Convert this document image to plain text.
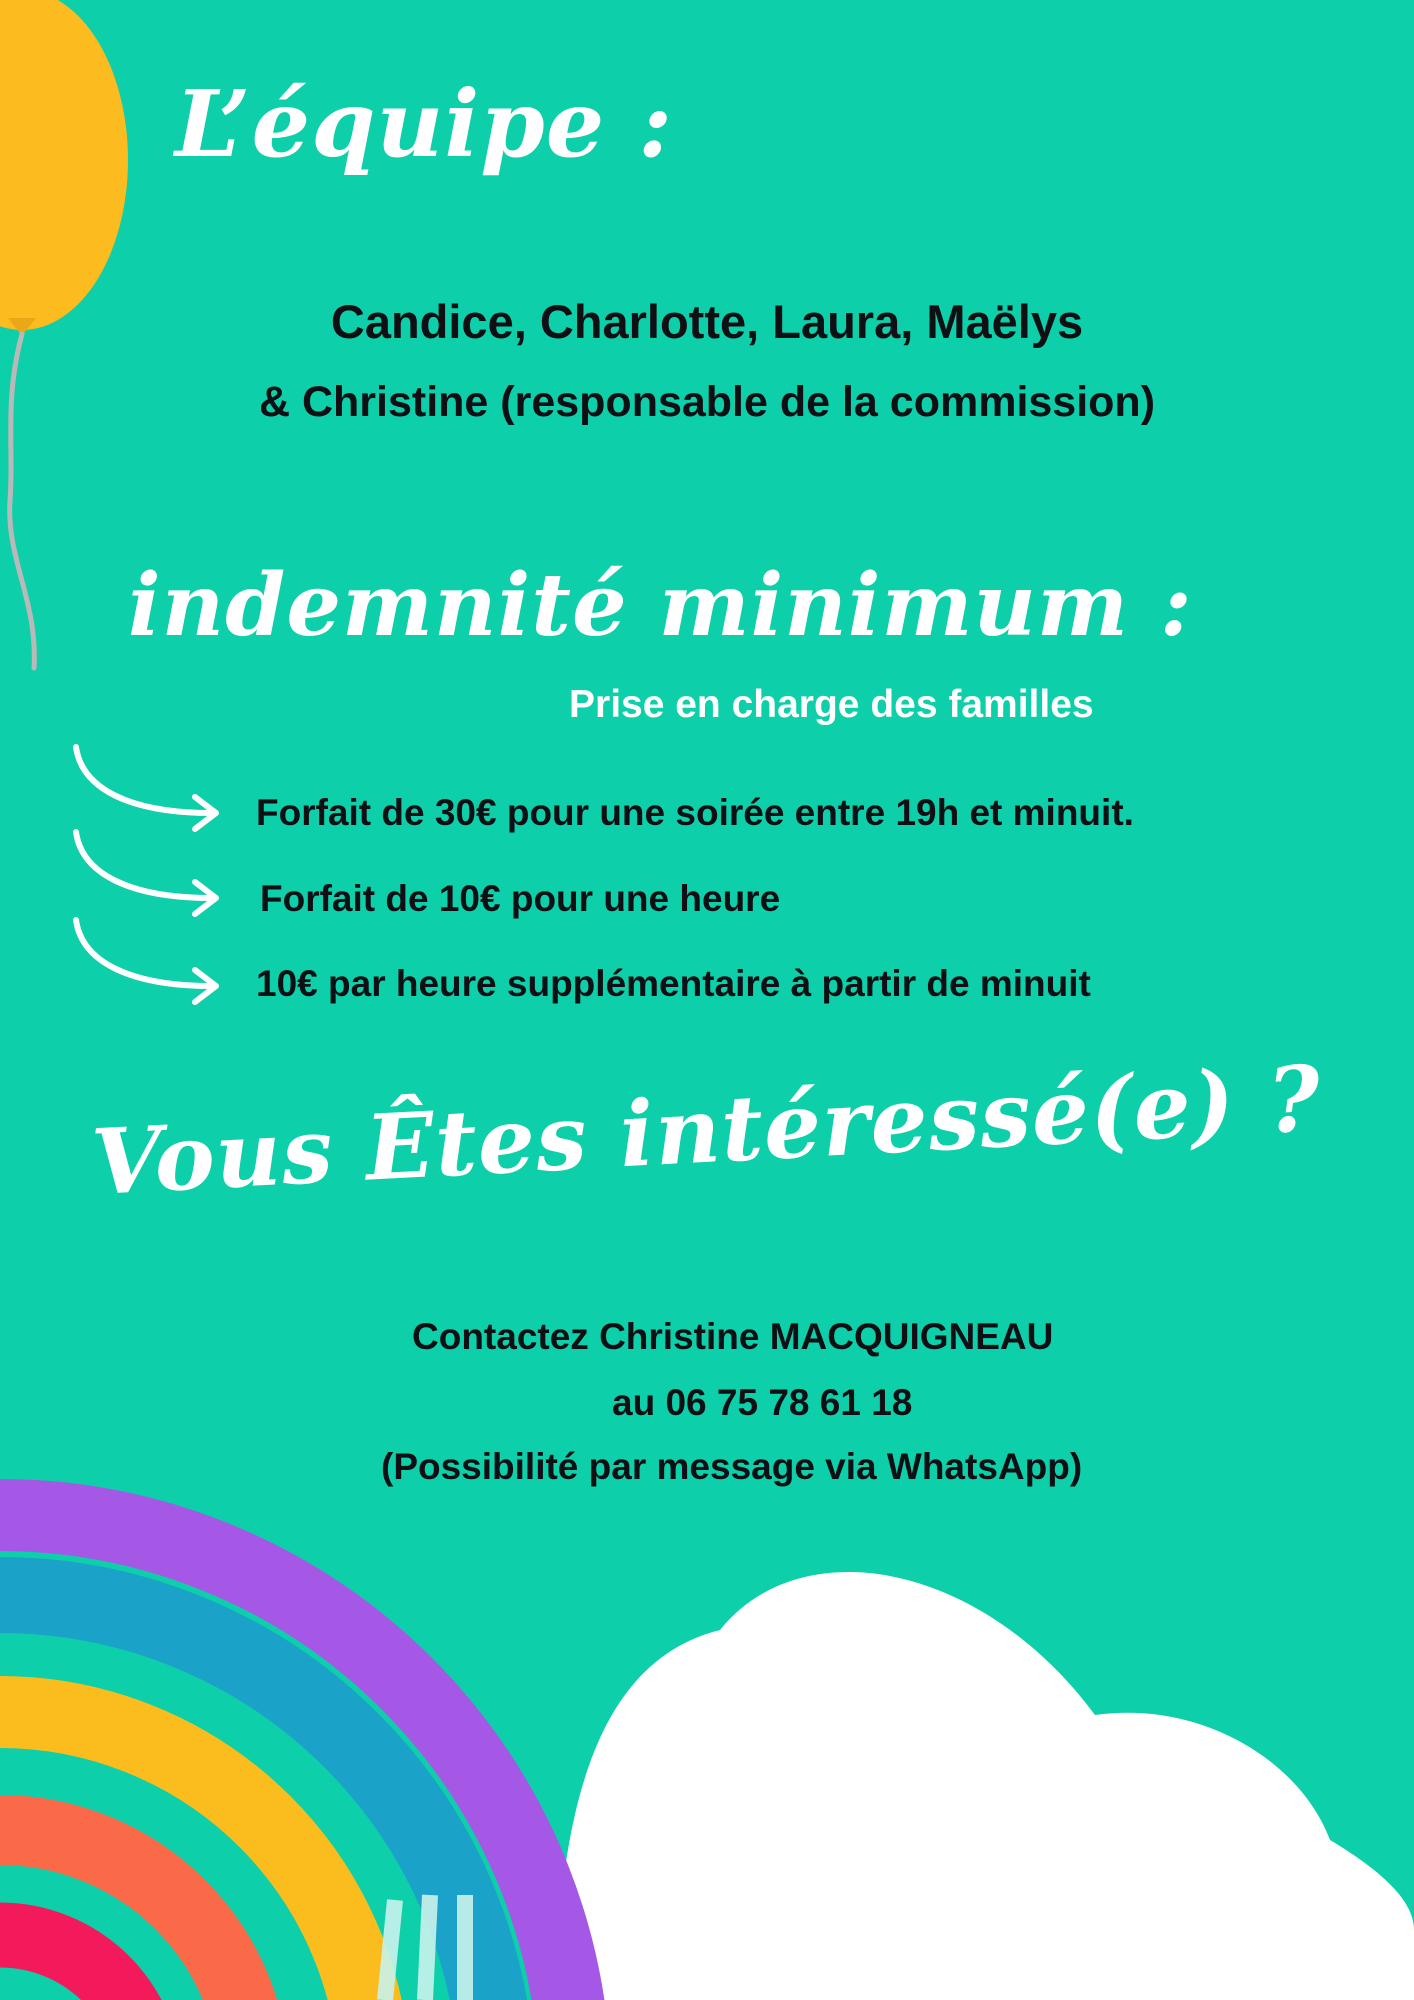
L’équipe :

Candice, Charlotte, Laura, Maëlys

& Christine (responsable de la commission)

indemnité minimum :

Prise en charge des familles

Forfait de 30€ pour une soirée entre 19h et minuit.

Forfait de 10€ pour une heure

10€ par heure supplémentaire à partir de minuit

Vous Êtes intéressé(e) ?

Contactez Christine MACQUIGNEAU

au 06 75 78 61 18

(Possibilité par message via WhatsApp)
